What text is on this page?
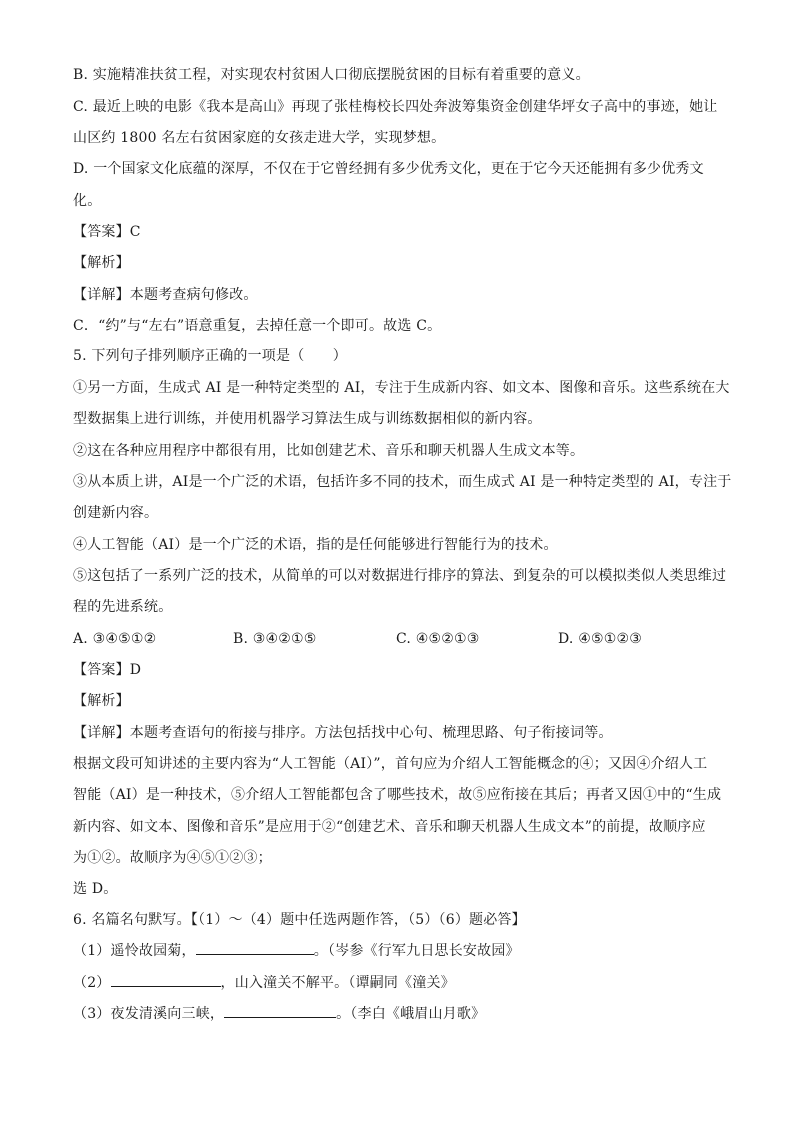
B. 实施精准扶贫工程，对实现农村贫困人口彻底摆脱贫困的目标有着重要的意义。
C. 最近上映的电影《我本是高山》再现了张桂梅校长四处奔波筹集资金创建华坪女子高中的事迹，她让
山区约 1800 名左右贫困家庭的女孩走进大学，实现梦想。
D. 一个国家文化底蕴的深厚，不仅在于它曾经拥有多少优秀文化，更在于它今天还能拥有多少优秀文
化。
【答案】C
【解析】
【详解】本题考查病句修改。
C．“约”与“左右”语意重复，去掉任意一个即可。故选 C。
5. 下列句子排列顺序正确的一项是（　　）
①另一方面，生成式 AI 是一种特定类型的 AI，专注于生成新内容、如文本、图像和音乐。这些系统在大
型数据集上进行训练，并使用机器学习算法生成与训练数据相似的新内容。
②这在各种应用程序中都很有用，比如创建艺术、音乐和聊天机器人生成文本等。
③从本质上讲，AI是一个广泛的术语，包括许多不同的技术，而生成式 AI 是一种特定类型的 AI，专注于
创建新内容。
④人工智能（AI）是一个广泛的术语，指的是任何能够进行智能行为的技术。
⑤这包括了一系列广泛的技术，从简单的可以对数据进行排序的算法、到复杂的可以模拟类似人类思维过
程的先进系统。
A. ③④⑤①②	B. ③④②①⑤	C. ④⑤②①③	D. ④⑤①②③
【答案】D
【解析】
【详解】本题考查语句的衔接与排序。方法包括找中心句、梳理思路、句子衔接词等。
根据文段可知讲述的主要内容为“人工智能（AI）”，首句应为介绍人工智能概念的④；又因④介绍人工
智能（AI）是一种技术，⑤介绍人工智能都包含了哪些技术，故⑤应衔接在其后；再者又因①中的“生成
新内容、如文本、图像和音乐”是应用于②“创建艺术、音乐和聊天机器人生成文本”的前提，故顺序应
为①②。故顺序为④⑤①②③；
选 D。
6. 名篇名句默写。【（1）～（4）题中任选两题作答，（5）（6）题必答】
（1）遥怜故园菊，	。（岑参《行军九日思长安故园》
（2）	，山入潼关不解平。（谭嗣同《潼关》
（3）夜发清溪向三峡，	。（李白《峨眉山月歌》
